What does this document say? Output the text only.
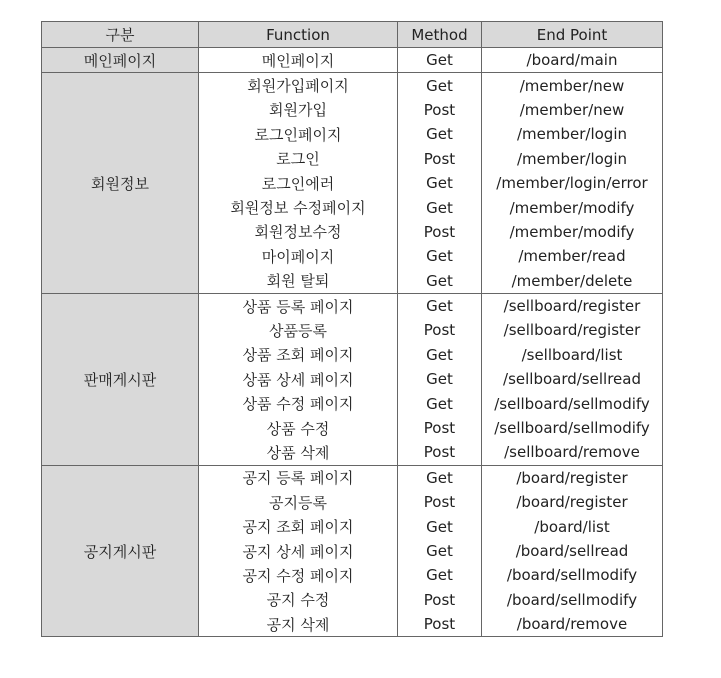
구분	Function	Method	End Point
메인페이지	메인페이지	Get	/board/main
회원정보	회원가입페이지	Get	/member/new
	회원가입	Post	/member/new
	로그인페이지	Get	/member/login
	로그인	Post	/member/login
	로그인에러	Get	/member/login/error
	회원정보 수정페이지	Get	/member/modify
	회원정보수정	Post	/member/modify
	마이페이지	Get	/member/read
	회원 탈퇴	Get	/member/delete
판매게시판	상품 등록 페이지	Get	/sellboard/register
	상품등록	Post	/sellboard/register
	상품 조회 페이지	Get	/sellboard/list
	상품 상세 페이지	Get	/sellboard/sellread
	상품 수정 페이지	Get	/sellboard/sellmodify
	상품 수정	Post	/sellboard/sellmodify
	상품 삭제	Post	/sellboard/remove
공지게시판	공지 등록 페이지	Get	/board/register
	공지등록	Post	/board/register
	공지 조회 페이지	Get	/board/list
	공지 상세 페이지	Get	/board/sellread
	공지 수정 페이지	Get	/board/sellmodify
	공지 수정	Post	/board/sellmodify
	공지 삭제	Post	/board/remove
